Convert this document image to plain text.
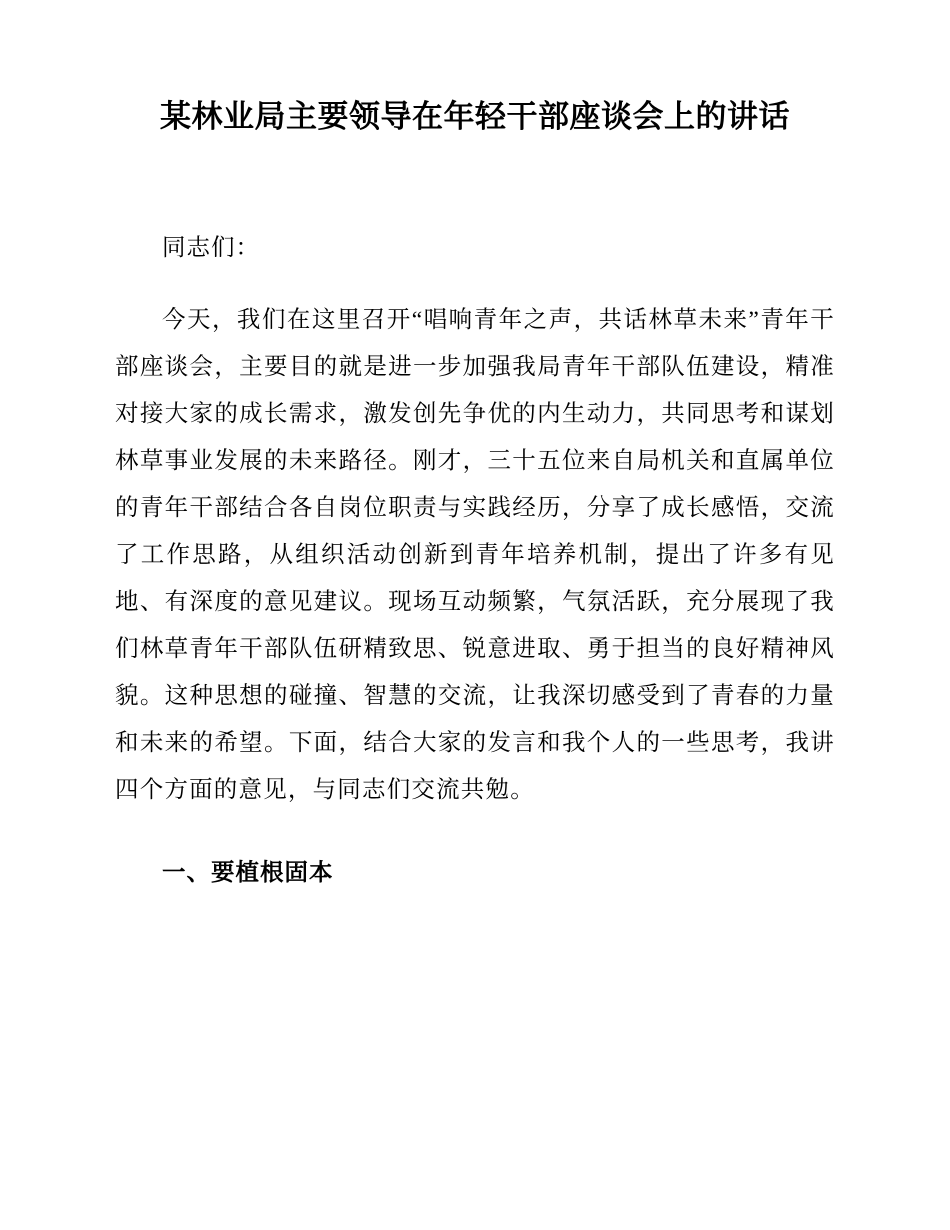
某林业局主要领导在年轻干部座谈会上的讲话

同志们：

今天，我们在这里召开“唱响青年之声，共话林草未来”青年干部座谈会，主要目的就是进一步加强我局青年干部队伍建设，精准对接大家的成长需求，激发创先争优的内生动力，共同思考和谋划林草事业发展的未来路径。刚才，三十五位来自局机关和直属单位的青年干部结合各自岗位职责与实践经历，分享了成长感悟，交流了工作思路，从组织活动创新到青年培养机制，提出了许多有见地、有深度的意见建议。现场互动频繁，气氛活跃，充分展现了我们林草青年干部队伍研精致思、锐意进取、勇于担当的良好精神风貌。这种思想的碰撞、智慧的交流，让我深切感受到了青春的力量和未来的希望。下面，结合大家的发言和我个人的一些思考，我讲四个方面的意见，与同志们交流共勉。

一、要植根固本
